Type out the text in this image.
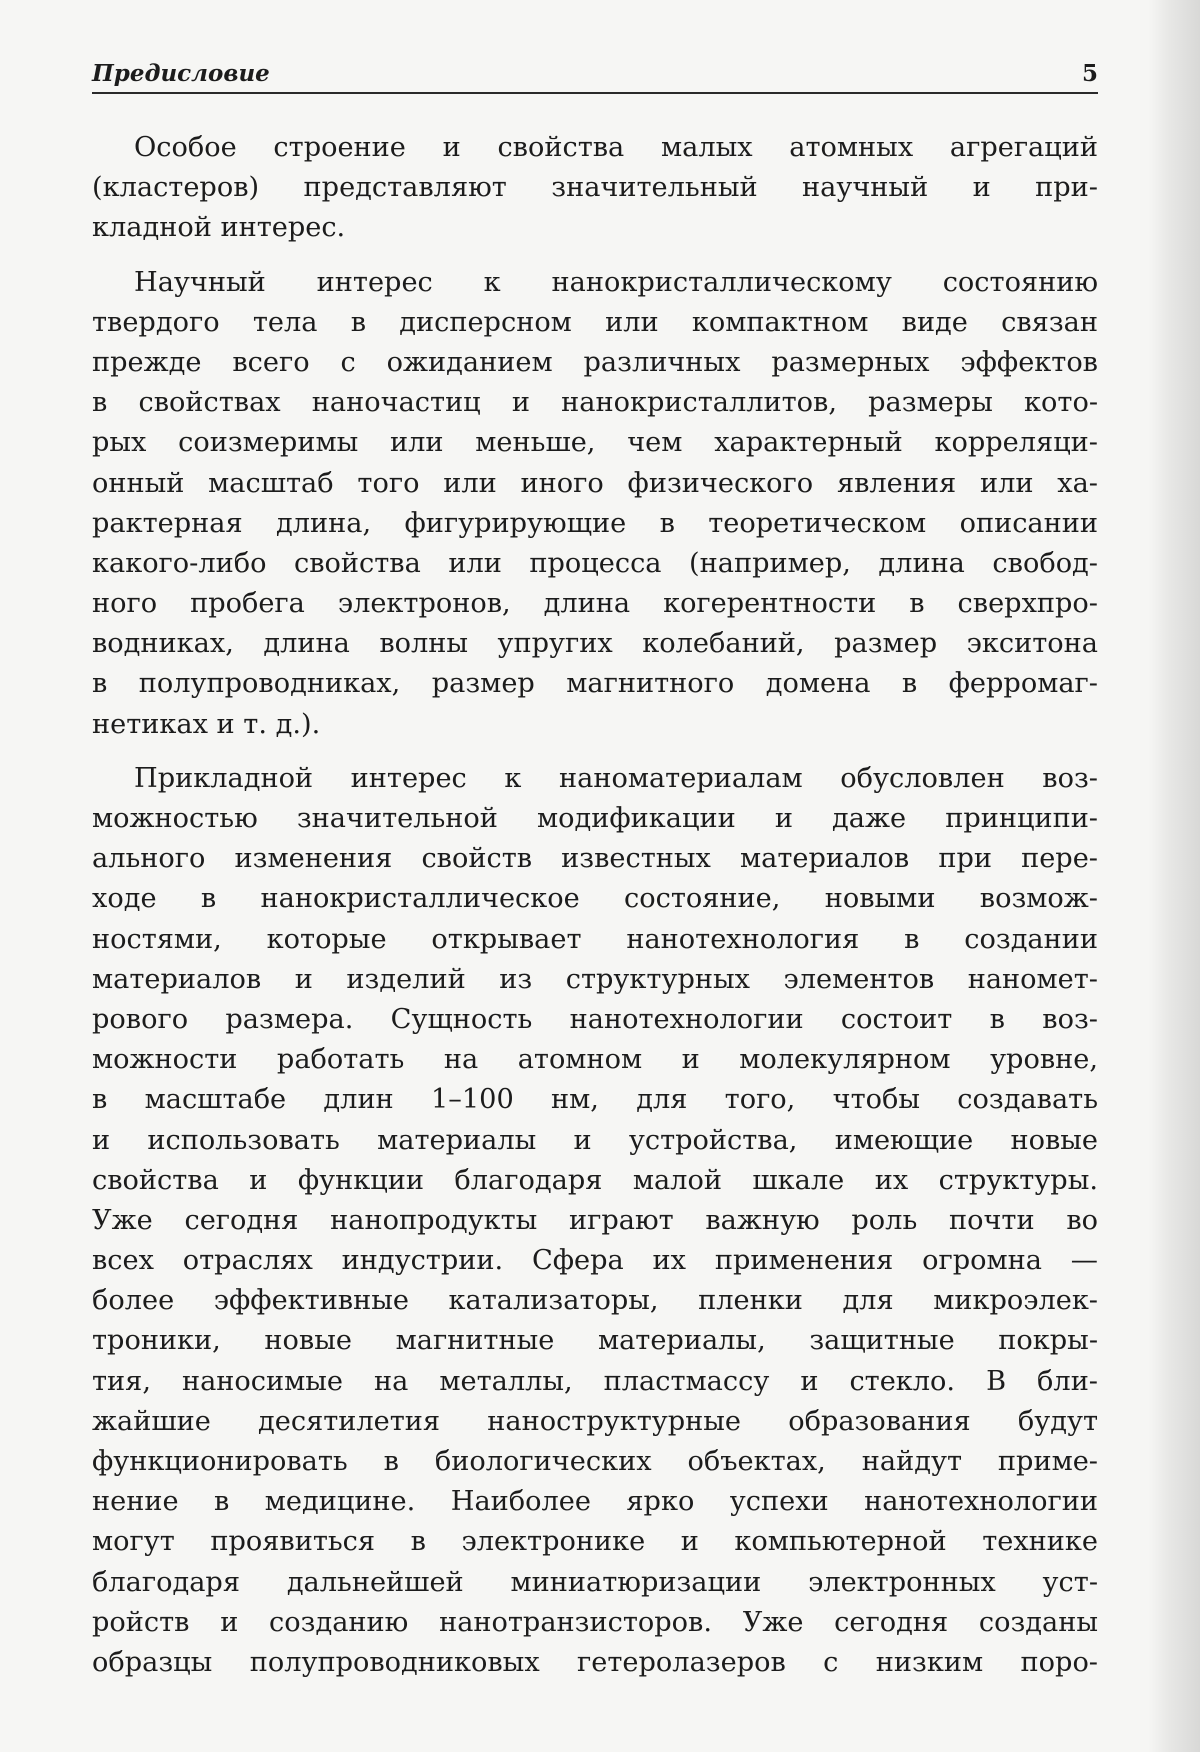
Предисловие	5
Особое строение и свойства малых атомных агрегаций
(кластеров) представляют значительный научный и при-
кладной интерес.
Научный интерес к нанокристаллическому состоянию
твердого тела в дисперсном или компактном виде связан
прежде всего с ожиданием различных размерных эффектов
в свойствах наночастиц и нанокристаллитов, размеры кото-
рых соизмеримы или меньше, чем характерный корреляци-
онный масштаб того или иного физического явления или ха-
рактерная длина, фигурирующие в теоретическом описании
какого-либо свойства или процесса (например, длина свобод-
ного пробега электронов, длина когерентности в сверхпро-
водниках, длина волны упругих колебаний, размер экситона
в полупроводниках, размер магнитного домена в ферромаг-
нетиках и т. д.).
Прикладной интерес к наноматериалам обусловлен воз-
можностью значительной модификации и даже принципи-
ального изменения свойств известных материалов при пере-
ходе в нанокристаллическое состояние, новыми возмож-
ностями, которые открывает нанотехнология в создании
материалов и изделий из структурных элементов наномет-
рового размера. Сущность нанотехнологии состоит в воз-
можности работать на атомном и молекулярном уровне,
в масштабе длин 1–100 нм, для того, чтобы создавать
и использовать материалы и устройства, имеющие новые
свойства и функции благодаря малой шкале их структуры.
Уже сегодня нанопродукты играют важную роль почти во
всех отраслях индустрии. Сфера их применения огромна —
более эффективные катализаторы, пленки для микроэлек-
троники, новые магнитные материалы, защитные покры-
тия, наносимые на металлы, пластмассу и стекло. В бли-
жайшие десятилетия наноструктурные образования будут
функционировать в биологических объектах, найдут приме-
нение в медицине. Наиболее ярко успехи нанотехнологии
могут проявиться в электронике и компьютерной технике
благодаря дальнейшей миниатюризации электронных уст-
ройств и созданию нанотранзисторов. Уже сегодня созданы
образцы полупроводниковых гетеролазеров с низким поро-
